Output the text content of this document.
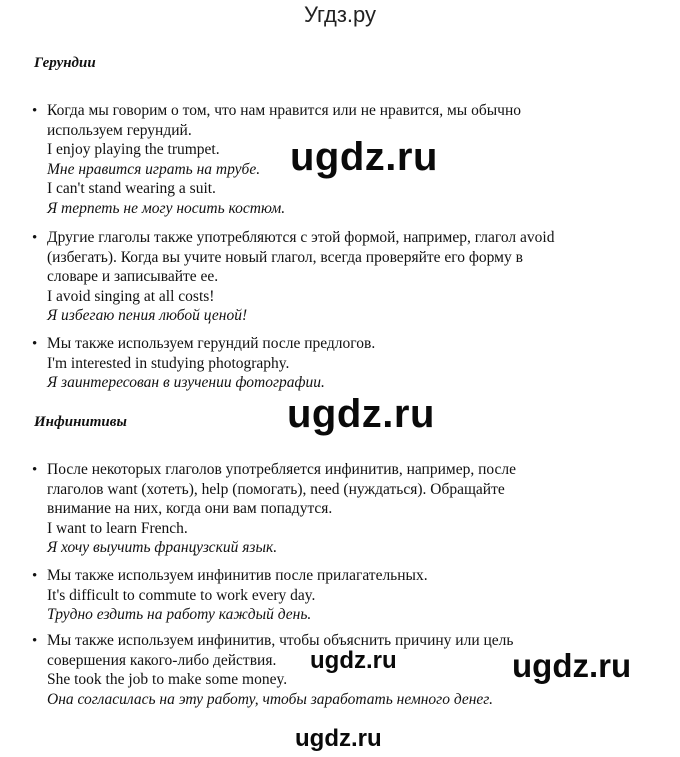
Угдз.ру
Герундии
• Когда мы говорим о том, что нам нравится или не нравится, мы обычно
используем герундий.
I enjoy playing the trumpet.
Мне нравится играть на трубе.
I can't stand wearing a suit.
Я терпеть не могу носить костюм.
• Другие глаголы также употребляются с этой формой, например, глагол avoid
(избегать). Когда вы учите новый глагол, всегда проверяйте его форму в
словаре и записывайте ее.
I avoid singing at all costs!
Я избегаю пения любой ценой!
• Мы также используем герундий после предлогов.
I'm interested in studying photography.
Я заинтересован в изучении фотографии.
Инфинитивы
• После некоторых глаголов употребляется инфинитив, например, после
глаголов want (хотеть), help (помогать), need (нуждаться). Обращайте
внимание на них, когда они вам попадутся.
I want to learn French.
Я хочу выучить французский язык.
• Мы также используем инфинитив после прилагательных.
It's difficult to commute to work every day.
Трудно ездить на работу каждый день.
• Мы также используем инфинитив, чтобы объяснить причину или цель
совершения какого-либо действия.
She took the job to make some money.
Она согласилась на эту работу, чтобы заработать немного денег.
ugdz.ru
ugdz.ru
ugdz.ru	ugdz.ru
ugdz.ru
